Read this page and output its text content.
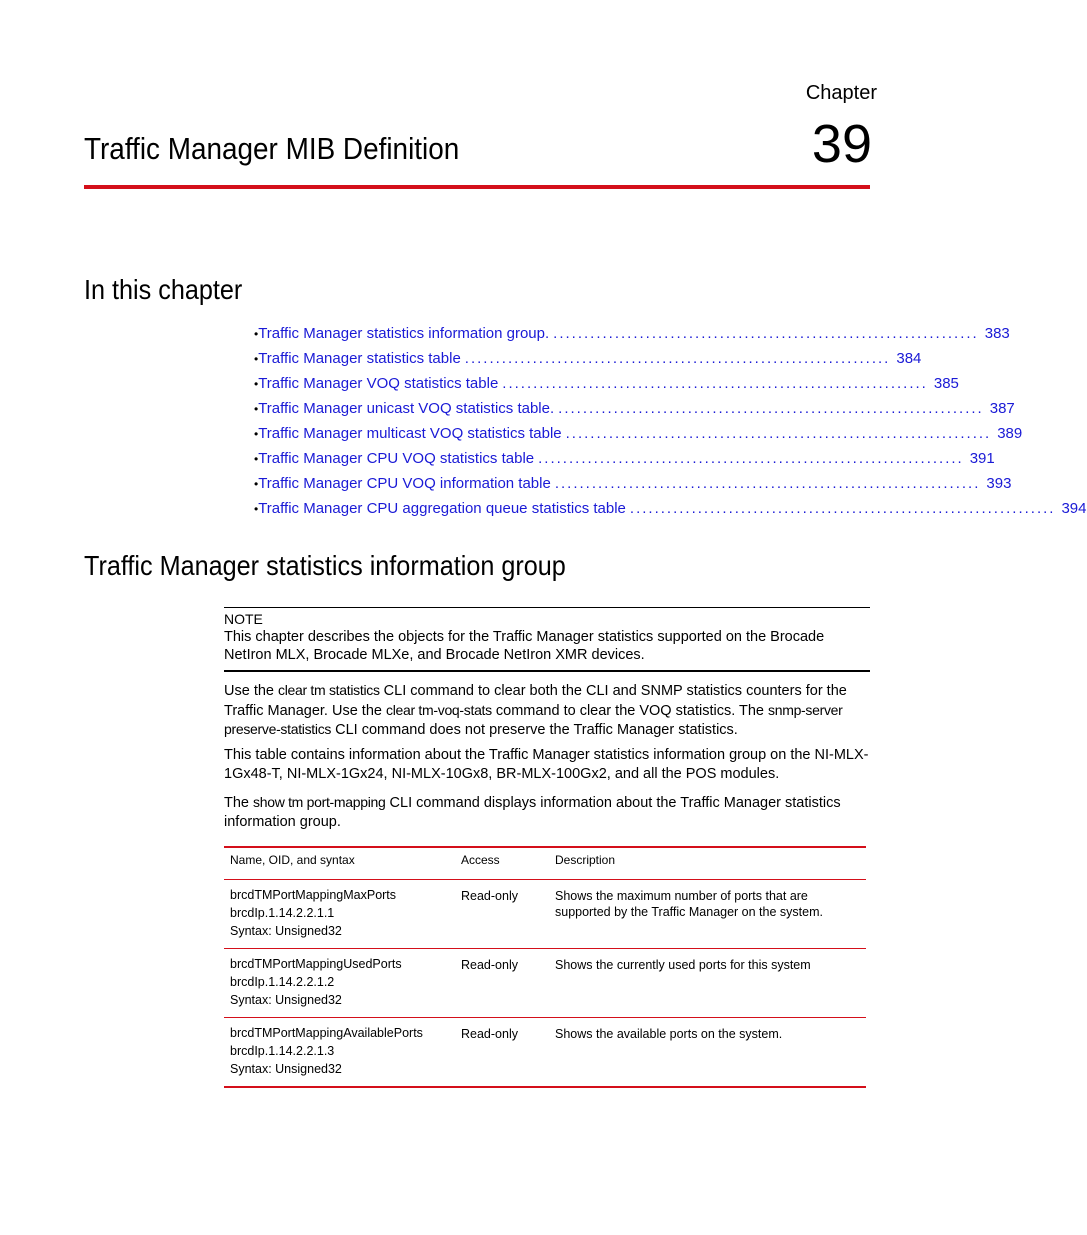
Chapter
39
Traffic Manager MIB Definition
In this chapter
• Traffic Manager statistics information group . ..................................................................... 383
• Traffic Manager statistics table ..................................................................... 384
• Traffic Manager VOQ statistics table ..................................................................... 385
• Traffic Manager unicast VOQ statistics table . ..................................................................... 387
• Traffic Manager multicast VOQ statistics table ..................................................................... 389
• Traffic Manager CPU VOQ statistics table ..................................................................... 391
• Traffic Manager CPU VOQ information table ..................................................................... 393
• Traffic Manager CPU aggregation queue statistics table ..................................................................... 394
Traffic Manager statistics information group
NOTE
This chapter describes the objects for the Traffic Manager statistics supported on the Brocade NetIron MLX, Brocade MLXe, and Brocade NetIron XMR devices.

Use the clear tm statistics CLI command to clear both the CLI and SNMP statistics counters for the Traffic Manager. Use the clear tm-voq-stats command to clear the VOQ statistics. The snmp-server preserve-statistics CLI command does not preserve the Traffic Manager statistics.

This table contains information about the Traffic Manager statistics information group on the NI-MLX-1Gx48-T, NI-MLX-1Gx24, NI-MLX-10Gx8, BR-MLX-100Gx2, and all the POS modules.

The show tm port-mapping CLI command displays information about the Traffic Manager statistics information group.

Name, OID, and syntax	Access	Description

brcdTMPortMappingMaxPorts
brcdIp.1.14.2.2.1.1
Syntax: Unsigned32	Read-only	Shows the maximum number of ports that are supported by the Traffic Manager on the system.

brcdTMPortMappingUsedPorts
brcdIp.1.14.2.2.1.2
Syntax: Unsigned32	Read-only	Shows the currently used ports for this system

brcdTMPortMappingAvailablePorts
brcdIp.1.14.2.2.1.3
Syntax: Unsigned32	Read-only	Shows the available ports on the system.
